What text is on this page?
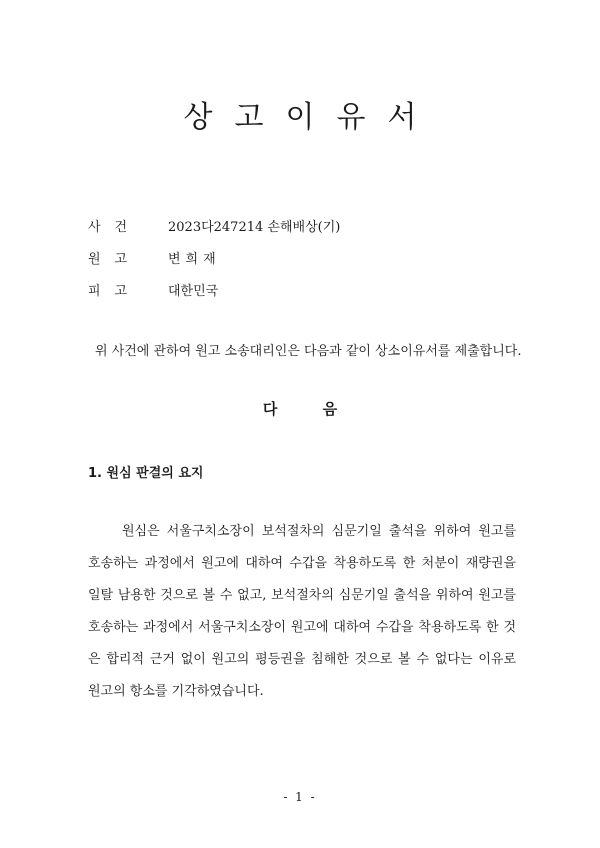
상고이유서
사건 2023다247214 손해배상(기)
원고 변희재
피고 대한민국
위 사건에 관하여 원고 소송대리인은 다음과 같이 상소이유서를 제출합니다.
다 음
1. 원심 판결의 요지
원심은 서울구치소장이 보석절차의 심문기일 출석을 위하여 원고를
호송하는 과정에서 원고에 대하여 수갑을 착용하도록 한 처분이 재량권을
일탈 남용한 것으로 볼 수 없고, 보석절차의 심문기일 출석을 위하여 원고를
호송하는 과정에서 서울구치소장이 원고에 대하여 수갑을 착용하도록 한 것
은 합리적 근거 없이 원고의 평등권을 침해한 것으로 볼 수 없다는 이유로
원고의 항소를 기각하였습니다.
- 1 -
